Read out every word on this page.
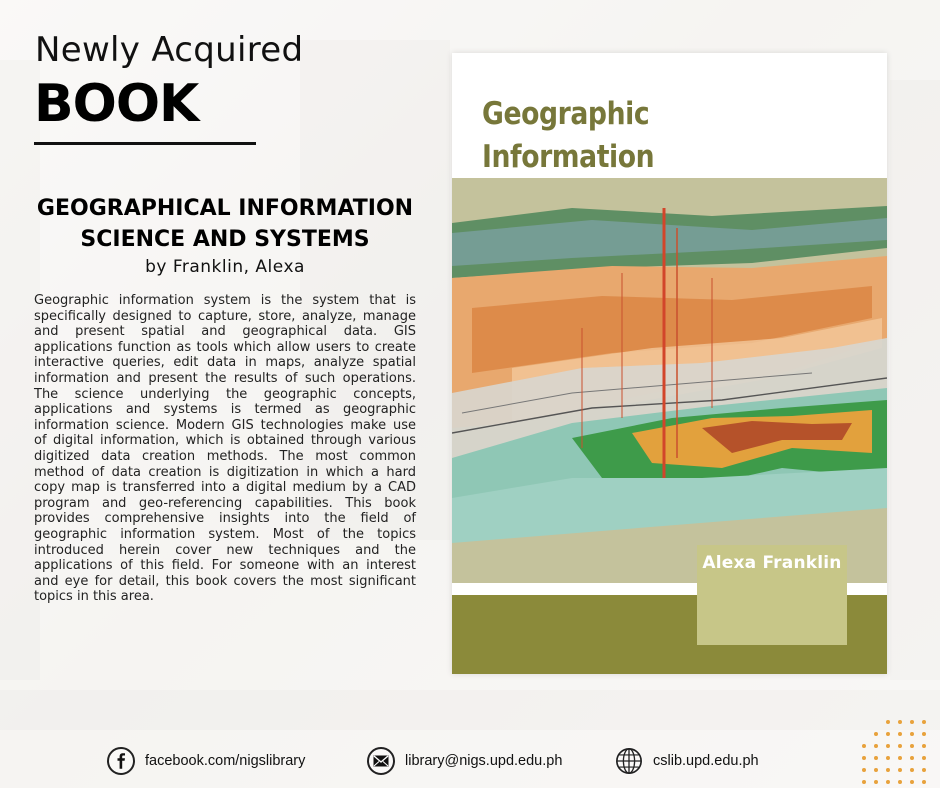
Newly Acquired
BOOK
GEOGRAPHICAL INFORMATION SCIENCE AND SYSTEMS
by Franklin, Alexa
Geographic information system is the system that is specifically designed to capture, store, analyze, manage and present spatial and geographical data. GIS applications function as tools which allow users to create interactive queries, edit data in maps, analyze spatial information and present the results of such operations. The science underlying the geographic concepts, applications and systems is termed as geographic information science. Modern GIS technologies make use of digital information, which is obtained through various digitized data creation methods. The most common method of data creation is digitization in which a hard copy map is transferred into a digital medium by a CAD program and geo-referencing capabilities. This book provides comprehensive insights into the field of geographic information system. Most of the topics introduced herein cover new techniques and the applications of this field. For someone with an interest and eye for detail, this book covers the most significant topics in this area.
Geographic Information
Alexa Franklin
facebook.com/nigslibrary	library@nigs.upd.edu.ph	cslib.upd.edu.ph
